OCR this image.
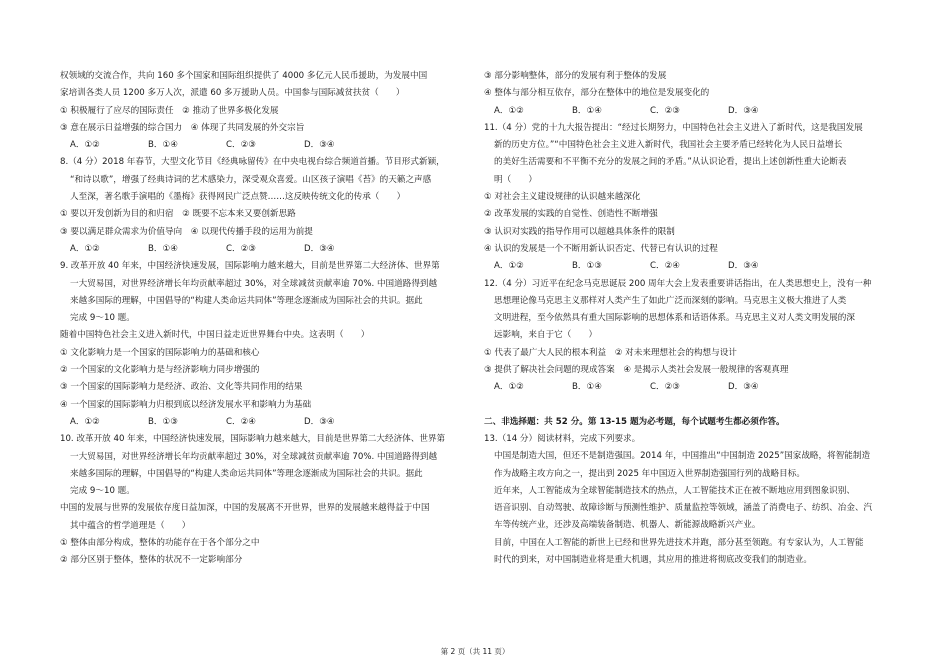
权领域的交流合作，共向 160 多个国家和国际组织提供了 4000 多亿元人民币援助，为发展中国
家培训各类人员 1200 多万人次，派遣 60 多万援助人员。中国参与国际减贫扶贫（　　）
① 积极履行了应尽的国际责任　② 推动了世界多极化发展
③ 意在展示日益增强的综合国力　④ 体现了共同发展的外交宗旨
A．①②	B．①④	C．②③	D．③④
8.（4 分）2018 年春节，大型文化节目《经典咏留传》在中央电视台综合频道首播。节目形式新颖，
“和诗以歌”，增强了经典诗词的艺术感染力，深受观众喜爱。山区孩子演唱《苔》的天籁之声感
人至深，著名歌手演唱的《墨梅》获得网民广泛点赞……这反映传统文化的传承（　　）
① 要以开发创新为目的和归宿　② 既要不忘本来又要创新思路
③ 要以满足群众需求为价值导向　④ 以现代传播手段的运用为前提
A．①②	B．①④	C．②③	D．③④
9. 改革开放 40 年来，中国经济快速发展，国际影响力越来越大，目前是世界第二大经济体、世界第
一大贸易国，对世界经济增长年均贡献率超过 30%，对全球减贫贡献率逾 70%. 中国道路得到越
来越多国际的理解，中国倡导的“构建人类命运共同体”等理念逐渐成为国际社会的共识。据此
完成 9～10 题。
随着中国特色社会主义进入新时代，中国日益走近世界舞台中央。这表明（　　）
① 文化影响力是一个国家的国际影响力的基础和核心
② 一个国家的文化影响力是与经济影响力同步增强的
③ 一个国家的国际影响力是经济、政治、文化等共同作用的结果
④ 一个国家的国际影响力归根到底以经济发展水平和影响力为基础
A．①②	B．①③	C．②④	D．③④
10. 改革开放 40 年来，中国经济快速发展，国际影响力越来越大，目前是世界第二大经济体、世界第
一大贸易国，对世界经济增长年均贡献率超过 30%，对全球减贫贡献率逾 70%. 中国道路得到越
来越多国际的理解，中国倡导的“构建人类命运共同体”等理念逐渐成为国际社会的共识。据此
完成 9～10 题。
中国的发展与世界的发展依存度日益加深，中国的发展离不开世界，世界的发展越来越得益于中国
其中蕴含的哲学道理是（　　）
① 整体由部分构成，整体的功能存在于各个部分之中
② 部分区别于整体，整体的状况不一定影响部分
③ 部分影响整体，部分的发展有利于整体的发展
④ 整体与部分相互依存，部分在整体中的地位是发展变化的
A．①②	B．①④	C．②③	D．③④
11.（4 分）党的十九大报告提出：“经过长期努力，中国特色社会主义进入了新时代，这是我国发展
新的历史方位。”“中国特色社会主义进入新时代，我国社会主要矛盾已经转化为人民日益增长
的美好生活需要和不平衡不充分的发展之间的矛盾。”从认识论看，提出上述创新性重大论断表
明（　　）
① 对社会主义建设规律的认识越来越深化
② 改革发展的实践的自觉性、创造性不断增强
③ 认识对实践的指导作用可以超越具体条件的限制
④ 认识的发展是一个不断用新认识否定、代替已有认识的过程
A．①②	B．①③	C．②④	D．③④
12.（4 分）习近平在纪念马克思诞辰 200 周年大会上发表重要讲话指出，在人类思想史上，没有一种
思想理论像马克思主义那样对人类产生了如此广泛而深刻的影响。马克思主义极大推进了人类
文明进程，至今依然具有重大国际影响的思想体系和话语体系。马克思主义对人类文明发展的深
远影响，来自于它（　　）
① 代表了最广大人民的根本利益　② 对未来理想社会的构想与设计
③ 提供了解决社会问题的现成答案　④ 是揭示人类社会发展一般规律的客观真理
A．①②	B．①④	C．②③	D．③④
二、非选择题：共 52 分。第 13-15 题为必考题，每个试题考生都必须作答。
13.（14 分）阅读材料，完成下列要求。
中国是制造大国，但还不是制造强国。2014 年，中国推出“中国制造 2025”国家战略，将智能制造
作为战略主攻方向之一，提出到 2025 年中国迈入世界制造强国行列的战略目标。
近年来，人工智能成为全球智能制造技术的热点，人工智能技术正在被不断地应用到图象识别、
语音识别、自动驾驶、故障诊断与预测性维护、质量监控等领域，涵盖了消费电子、纺织、冶金、汽
车等传统产业，还涉及高端装备制造、机器人、新能源战略新兴产业。
目前，中国在人工智能的新世上已经和世界先进技术并跑，部分甚至领跑。有专家认为，人工智能
时代的到来，对中国制造业将是重大机遇，其应用的推进将彻底改变我们的制造业。
第 2 页（共 11 页）
